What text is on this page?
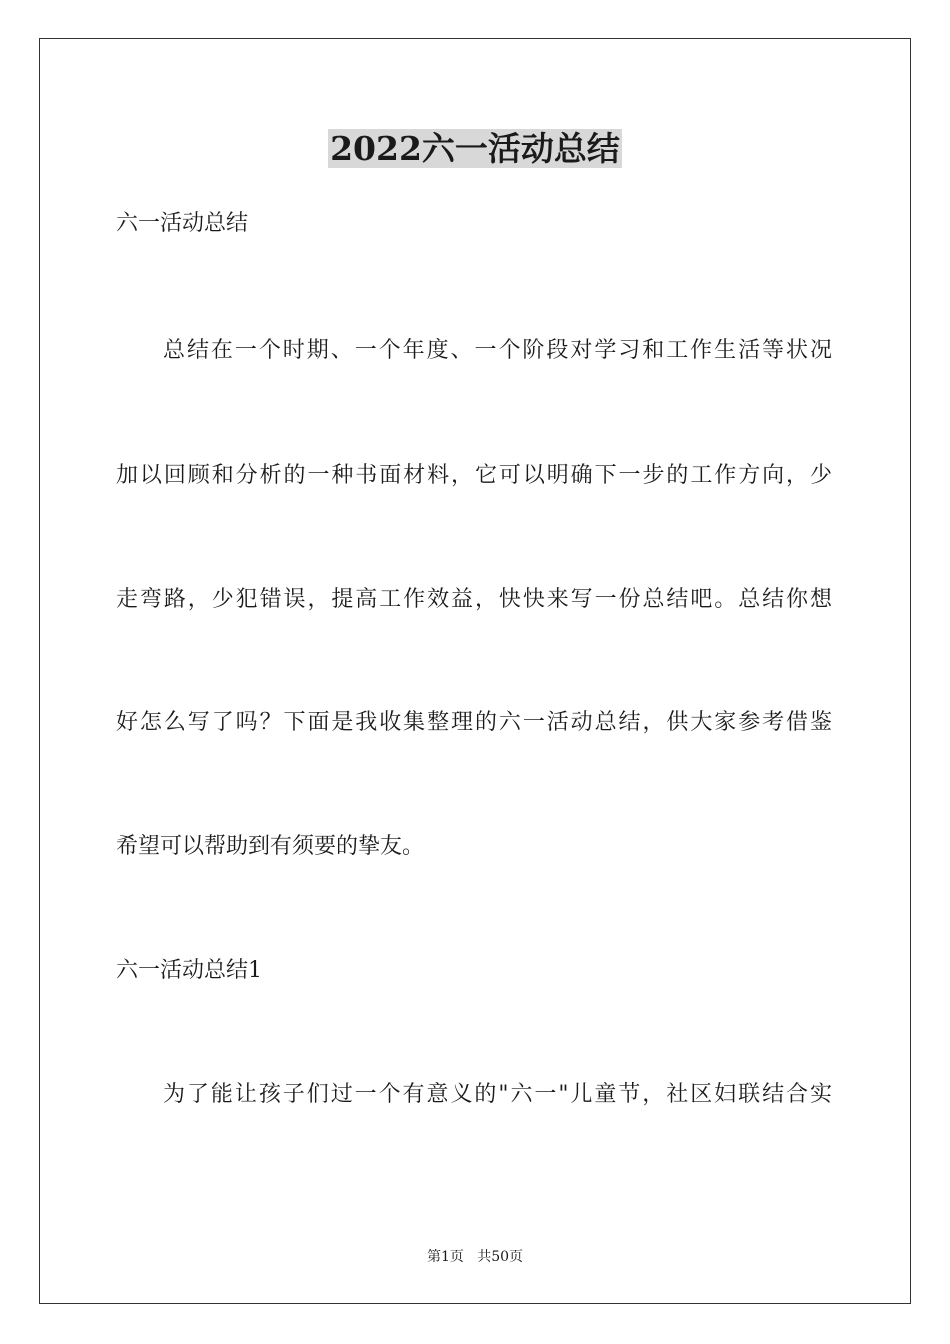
2022六一活动总结
六一活动总结
总结在一个时期、一个年度、一个阶段对学习和工作生活等状况
加以回顾和分析的一种书面材料，它可以明确下一步的工作方向，少
走弯路，少犯错误，提高工作效益，快快来写一份总结吧。总结你想
好怎么写了吗？下面是我收集整理的六一活动总结，供大家参考借鉴
希望可以帮助到有须要的挚友。
六一活动总结1
为了能让孩子们过一个有意义的"六一"儿童节，社区妇联结合实
第1页   共50页
